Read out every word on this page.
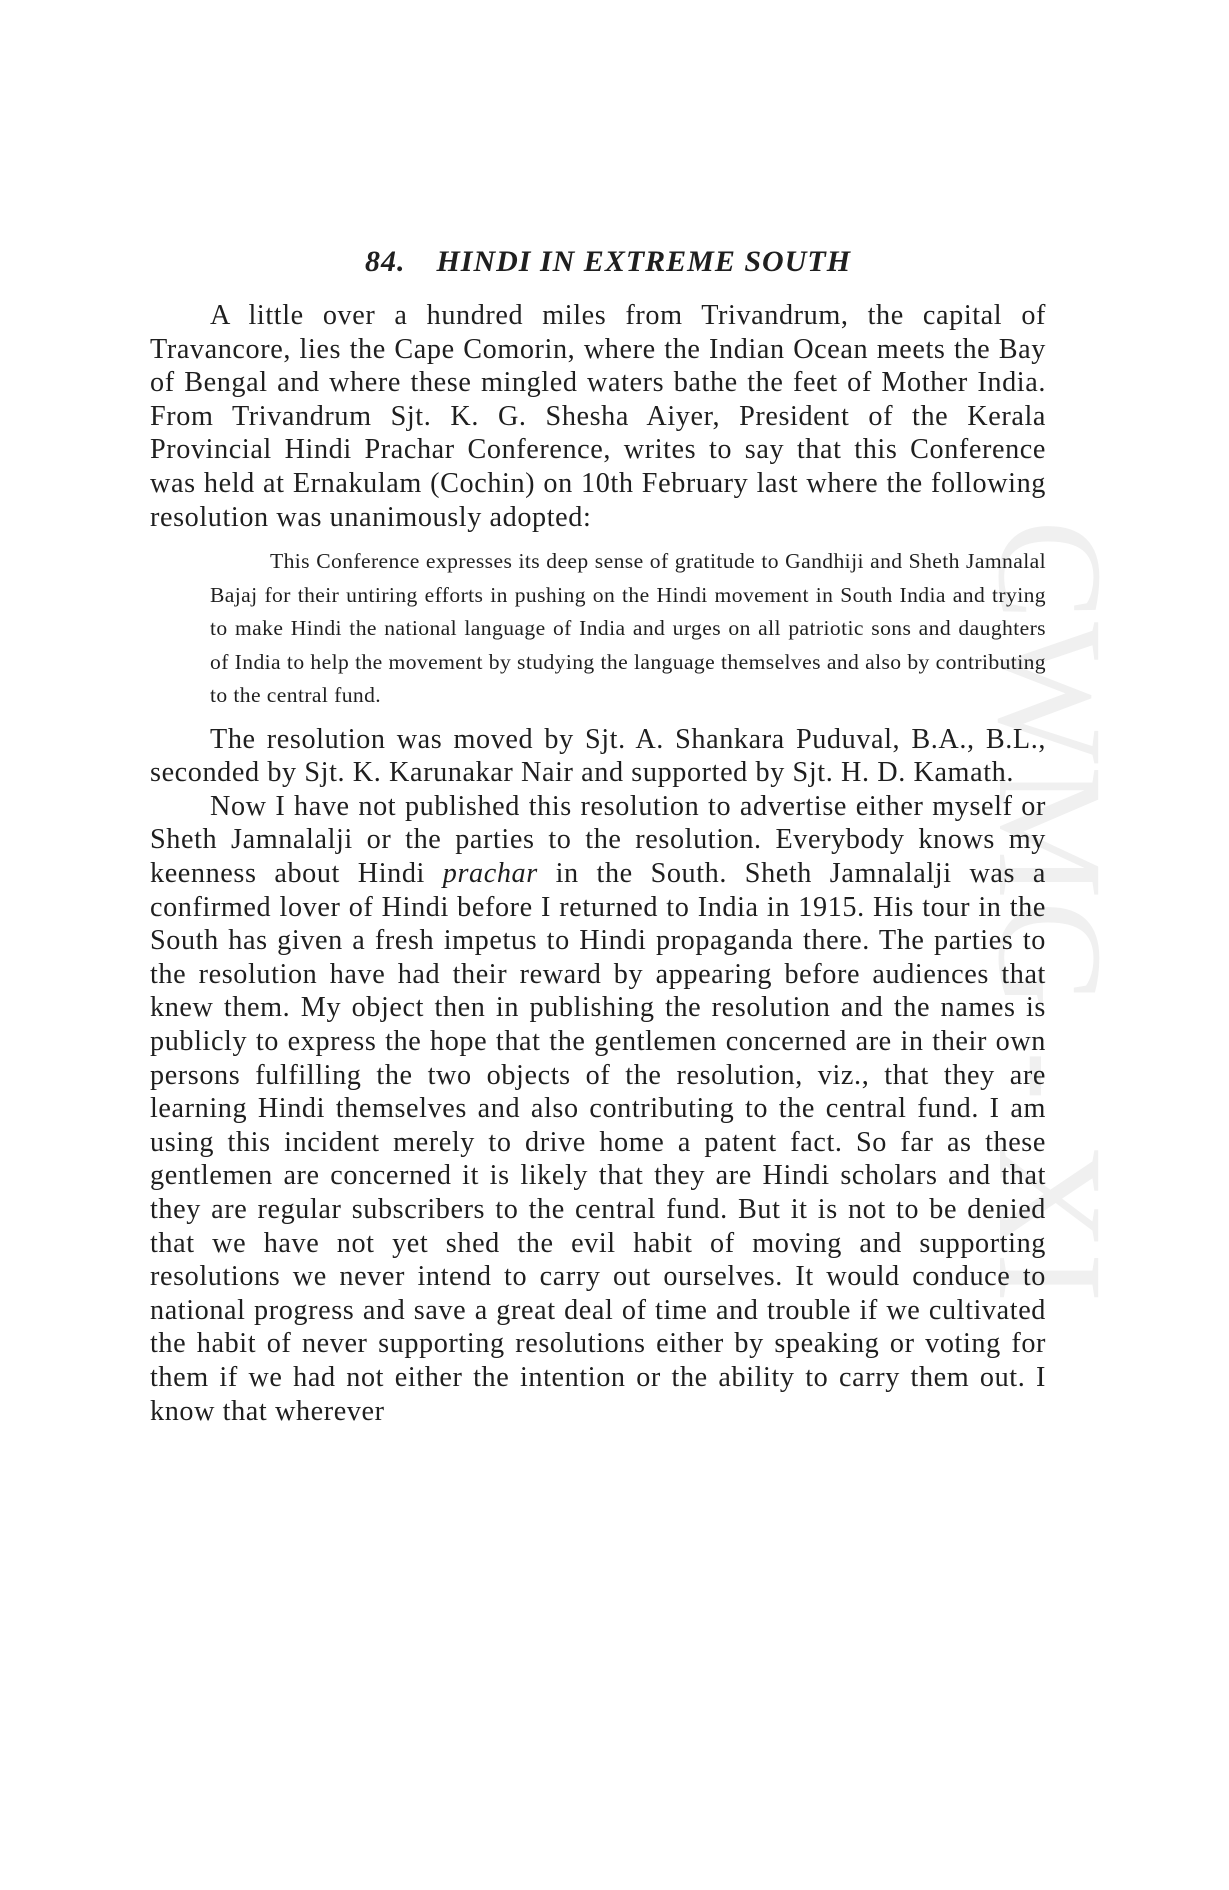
CWMG - XI
84.  HINDI IN EXTREME SOUTH

A little over a hundred miles from Trivandrum, the capital of Travancore, lies the Cape Comorin, where the Indian Ocean meets the Bay of Bengal and where these mingled waters bathe the feet of Mother India. From Trivandrum Sjt. K. G. Shesha Aiyer, President of the Kerala Provincial Hindi Prachar Conference, writes to say that this Conference was held at Ernakulam (Cochin) on 10th February last where the following resolution was unanimously adopted:

This Conference expresses its deep sense of gratitude to Gandhiji and Sheth Jamnalal Bajaj for their untiring efforts in pushing on the Hindi movement in South India and trying to make Hindi the national language of India and urges on all patriotic sons and daughters of India to help the movement by studying the language themselves and also by contributing to the central fund.

The resolution was moved by Sjt. A. Shankara Puduval, B.A., B.L., seconded by Sjt. K. Karunakar Nair and supported by Sjt. H. D. Kamath.

Now I have not published this resolution to advertise either myself or Sheth Jamnalalji or the parties to the resolution. Everybody knows my keenness about Hindi prachar in the South. Sheth Jamnalalji was a confirmed lover of Hindi before I returned to India in 1915. His tour in the South has given a fresh impetus to Hindi propaganda there. The parties to the resolution have had their reward by appearing before audiences that knew them. My object then in publishing the resolution and the names is publicly to express the hope that the gentlemen concerned are in their own persons fulfilling the two objects of the resolution, viz., that they are learning Hindi themselves and also contributing to the central fund. I am using this incident merely to drive home a patent fact. So far as these gentlemen are concerned it is likely that they are Hindi scholars and that they are regular subscribers to the central fund. But it is not to be denied that we have not yet shed the evil habit of moving and supporting resolutions we never intend to carry out ourselves. It would conduce to national progress and save a great deal of time and trouble if we cultivated the habit of never supporting resolutions either by speaking or voting for them if we had not either the intention or the ability to carry them out. I know that wherever
